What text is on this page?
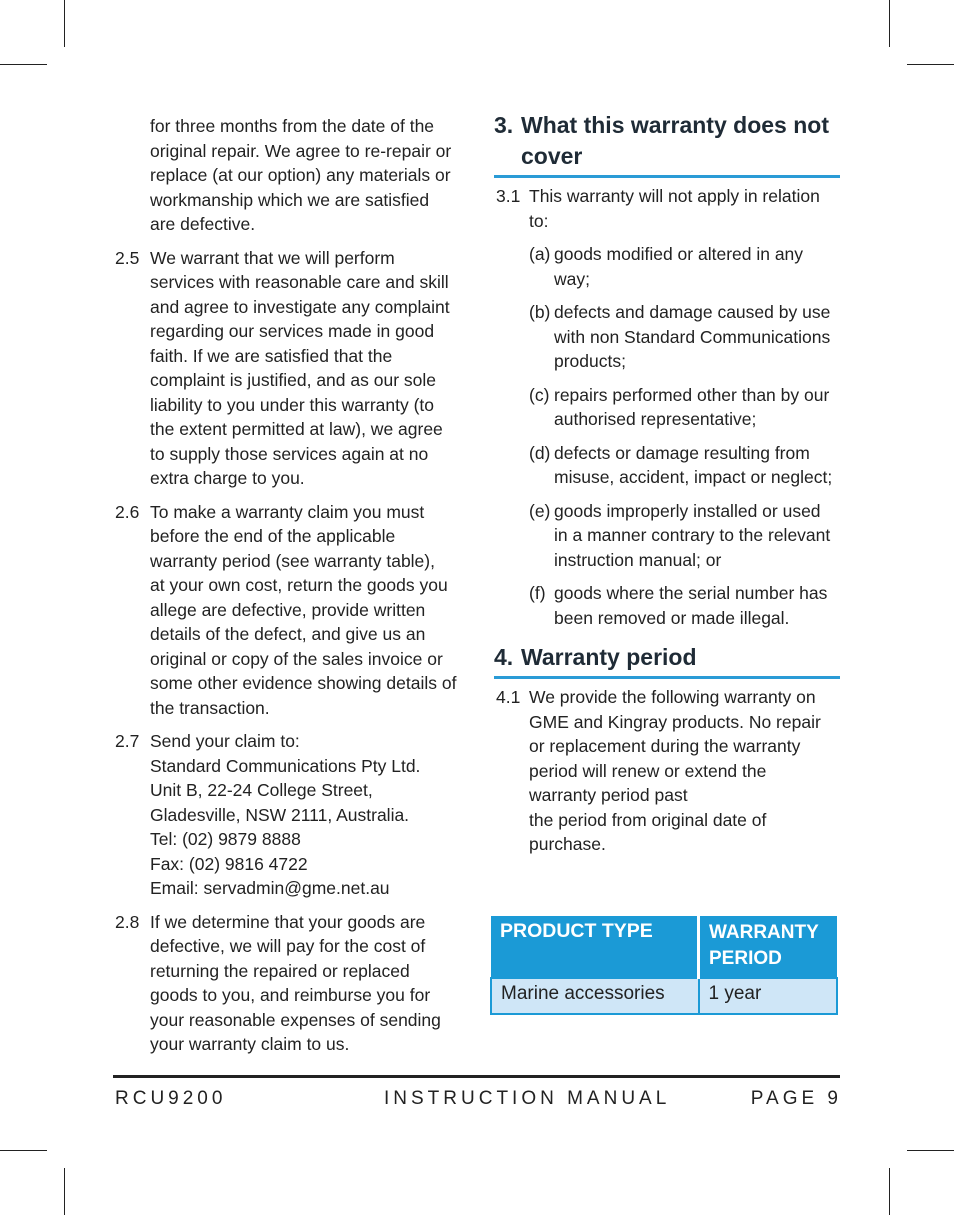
for three months from the date of the
original repair. We agree to re-repair or
replace (at our option) any materials or
workmanship which we are satisfied
are defective.
2.5 We warrant that we will perform
services with reasonable care and skill
and agree to investigate any complaint
regarding our services made in good
faith. If we are satisfied that the
complaint is justified, and as our sole
liability to you under this warranty (to
the extent permitted at law), we agree
to supply those services again at no
extra charge to you.
2.6 To make a warranty claim you must
before the end of the applicable
warranty period (see warranty table),
at your own cost, return the goods you
allege are defective, provide written
details of the defect, and give us an
original or copy of the sales invoice or
some other evidence showing details of
the transaction.
2.7 Send your claim to:
Standard Communications Pty Ltd.
Unit B, 22-24 College Street,
Gladesville, NSW 2111, Australia.
Tel: (02) 9879 8888
Fax: (02) 9816 4722
Email: servadmin@gme.net.au
2.8 If we determine that your goods are
defective, we will pay for the cost of
returning the repaired or replaced
goods to you, and reimburse you for
your reasonable expenses of sending
your warranty claim to us.
3. What this warranty does not
cover
3.1 This warranty will not apply in relation
to:
(a) goods modified or altered in any
way;
(b) defects and damage caused by use
with non Standard Communications
products;
(c) repairs performed other than by our
authorised representative;
(d) defects or damage resulting from
misuse, accident, impact or neglect;
(e) goods improperly installed or used
in a manner contrary to the relevant
instruction manual; or
(f) goods where the serial number has
been removed or made illegal.
4. Warranty period
4.1 We provide the following warranty on
GME and Kingray products. No repair
or replacement during the warranty
period will renew or extend the
warranty period past
the period from original date of
purchase.
PRODUCT TYPE	WARRANTY PERIOD
Marine accessories	1 year
RCU9200	INSTRUCTION MANUAL	PAGE 9
